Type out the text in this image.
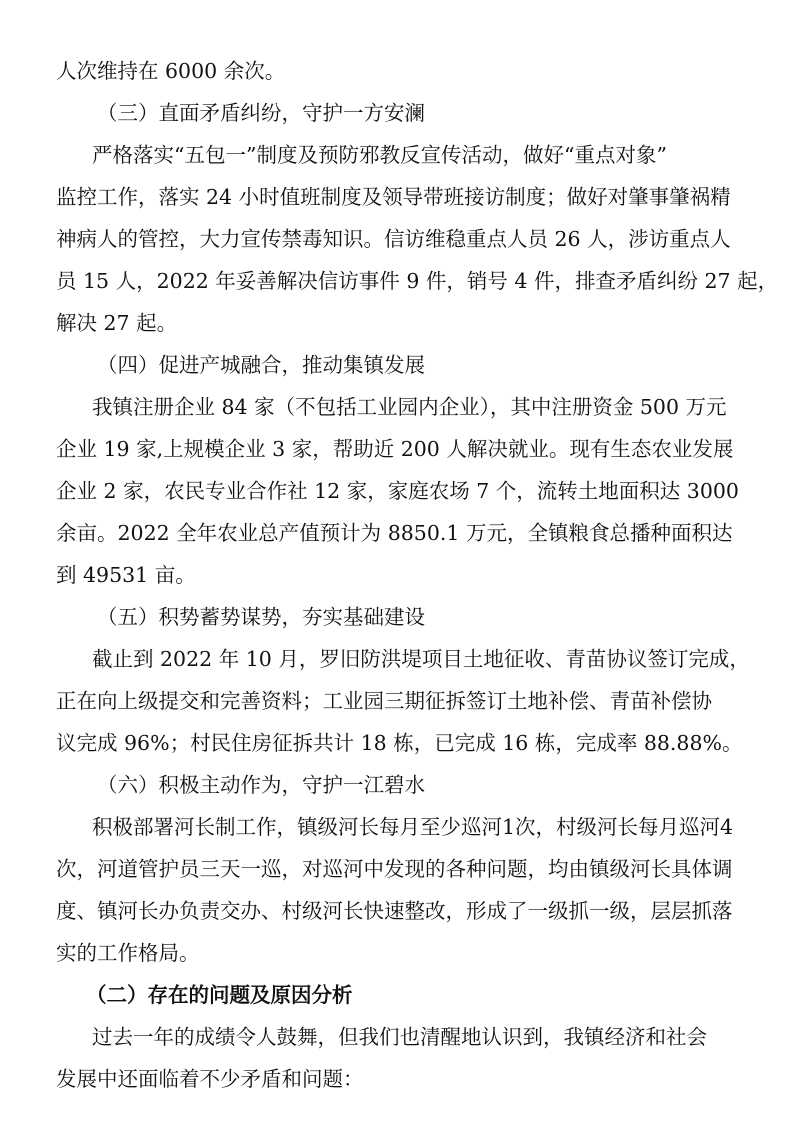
人次维持在 6000 余次。
（三）直面矛盾纠纷，守护一方安澜
严格落实“五包一”制度及预防邪教反宣传活动，做好“重点对象”
监控工作，落实 24 小时值班制度及领导带班接访制度；做好对肇事肇祸精
神病人的管控，大力宣传禁毒知识。信访维稳重点人员 26 人，涉访重点人
员 15 人，2022 年妥善解决信访事件 9 件，销号 4 件，排查矛盾纠纷 27 起，
解决 27 起。
（四）促进产城融合，推动集镇发展
我镇注册企业 84 家（不包括工业园内企业），其中注册资金 500 万元
企业 19 家,上规模企业 3 家，帮助近 200 人解决就业。现有生态农业发展
企业 2 家，农民专业合作社 12 家，家庭农场 7 个，流转土地面积达 3000
余亩。2022 全年农业总产值预计为 8850.1 万元，全镇粮食总播种面积达
到 49531 亩。
（五）积势蓄势谋势，夯实基础建设
截止到 2022 年 10 月，罗旧防洪堤项目土地征收、青苗协议签订完成，
正在向上级提交和完善资料；工业园三期征拆签订土地补偿、青苗补偿协
议完成 96%；村民住房征拆共计 18 栋，已完成 16 栋，完成率 88.88%。
（六）积极主动作为，守护一江碧水
积极部署河长制工作，镇级河长每月至少巡河1次，村级河长每月巡河4
次，河道管护员三天一巡，对巡河中发现的各种问题，均由镇级河长具体调
度、镇河长办负责交办、村级河长快速整改，形成了一级抓一级，层层抓落
实的工作格局。
（二）存在的问题及原因分析
过去一年的成绩令人鼓舞，但我们也清醒地认识到，我镇经济和社会
发展中还面临着不少矛盾和问题：
